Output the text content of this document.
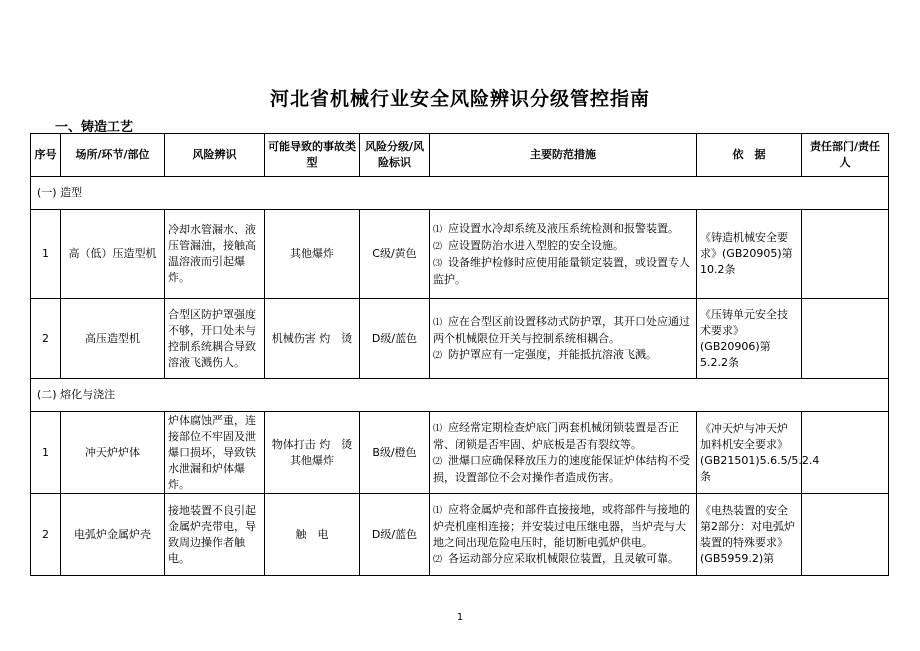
河北省机械行业安全风险辨识分级管控指南
一、铸造工艺
序号	场所/环节/部位	风险辨识	可能导致的事故类型	风险分级/风险标识	主要防范措施	依　据	责任部门/责任人
(一) 造型							
1	高（低）压造型机	冷却水管漏水、液压管漏油，接触高温溶液而引起爆炸。	其他爆炸	C级/黄色	⑴ 应设置水冷却系统及液压系统检测和报警装置。
⑵ 应设置防治水进入型腔的安全设施。
⑶ 设备维护检修时应使用能量锁定装置，或设置专人监护。	《铸造机械安全要求》(GB20905)第10.2条	
2	高压造型机	合型区防护罩强度不够，开口处未与控制系统耦合导致溶液飞溅伤人。	机械伤害 灼　烫	D级/蓝色	⑴ 应在合型区前设置移动式防护罩，其开口处应通过两个机械限位开关与控制系统相耦合。
⑵ 防护罩应有一定强度，并能抵抗溶液飞溅。	《压铸单元安全技术要求》(GB20906)第5.2.2条	
(二) 熔化与浇注							
1	冲天炉炉体	炉体腐蚀严重，连接部位不牢固及泄爆口损坏，导致铁水泄漏和炉体爆炸。	物体打击 灼　烫 其他爆炸	B级/橙色	⑴ 应经常定期检查炉底门两套机械闭锁装置是否正常、闭锁是否牢固、炉底板是否有裂纹等。
⑵ 泄爆口应确保释放压力的速度能保证炉体结构不受损，设置部位不会对操作者造成伤害。	《冲天炉与冲天炉加料机安全要求》(GB21501)5.6.5/5.2.4条	
2	电弧炉金属炉壳	接地装置不良引起金属炉壳带电，导致周边操作者触电。	触　电	D级/蓝色	⑴ 应将金属炉壳和部件直接接地，或将部件与接地的炉壳机座相连接；并安装过电压继电器，当炉壳与大地之间出现危险电压时，能切断电弧炉供电。
⑵ 各运动部分应采取机械限位装置，且灵敏可靠。	《电热装置的安全第2部分：对电弧炉装置的特殊要求》(GB5959.2)第	
1
